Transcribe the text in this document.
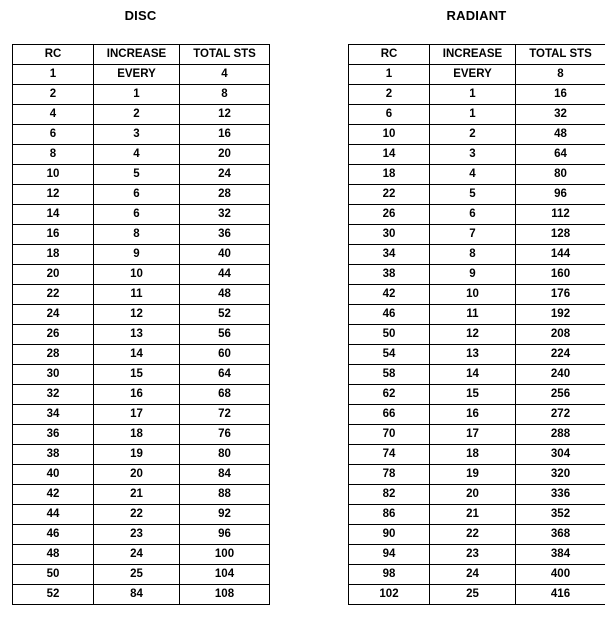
DISC
RC	INCREASE	TOTAL STS
1	EVERY	4
2	1	8
4	2	12
6	3	16
8	4	20
10	5	24
12	6	28
14	6	32
16	8	36
18	9	40
20	10	44
22	11	48
24	12	52
26	13	56
28	14	60
30	15	64
32	16	68
34	17	72
36	18	76
38	19	80
40	20	84
42	21	88
44	22	92
46	23	96
48	24	100
50	25	104
52	84	108
RADIANT
RC	INCREASE	TOTAL STS
1	EVERY	8
2	1	16
6	1	32
10	2	48
14	3	64
18	4	80
22	5	96
26	6	112
30	7	128
34	8	144
38	9	160
42	10	176
46	11	192
50	12	208
54	13	224
58	14	240
62	15	256
66	16	272
70	17	288
74	18	304
78	19	320
82	20	336
86	21	352
90	22	368
94	23	384
98	24	400
102	25	416
